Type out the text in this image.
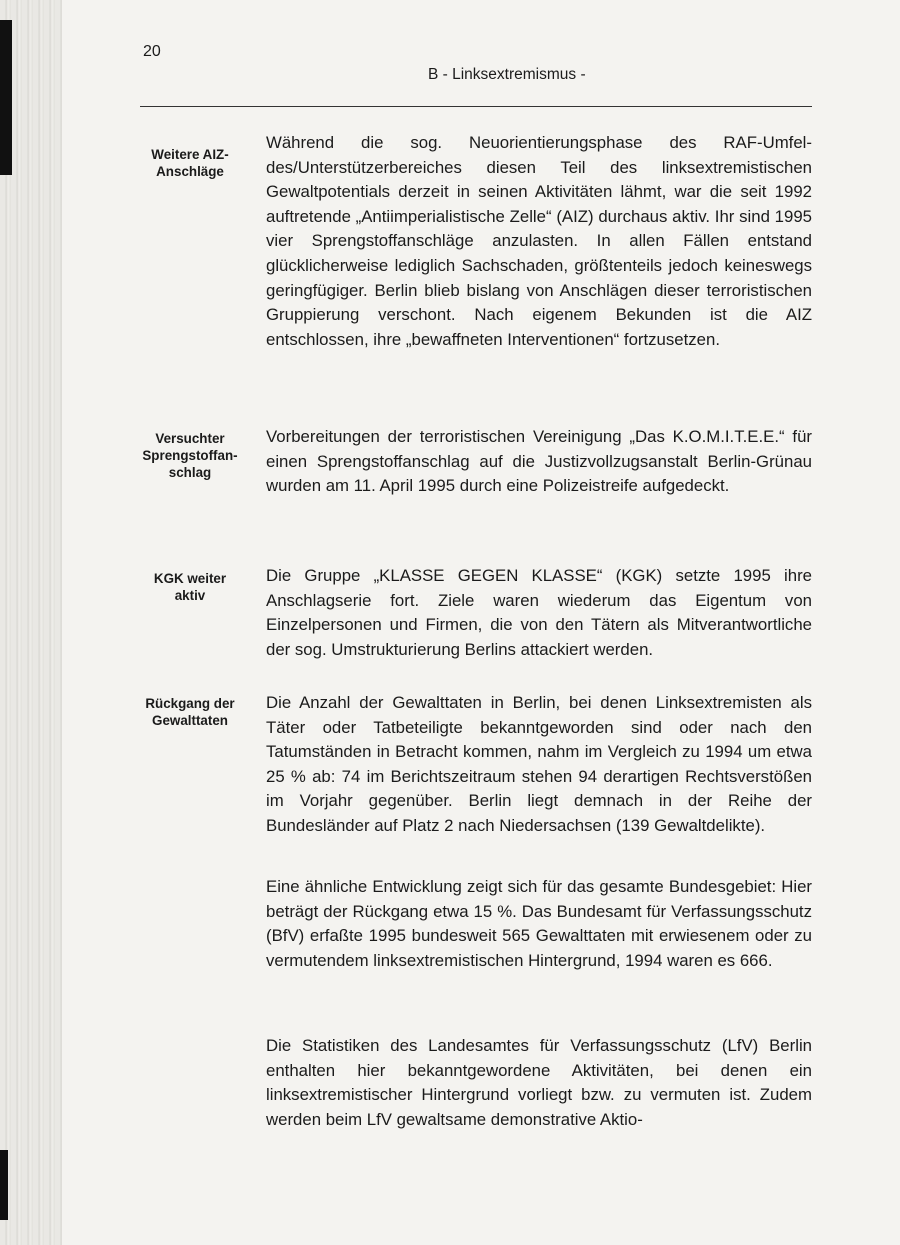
20
B - Linksextremismus -
Weitere AIZ-Anschläge
Während die sog. Neuorientierungsphase des RAF-Umfeldes/Unterstützerbereiches diesen Teil des linksextremistischen Gewaltpotentials derzeit in seinen Aktivitäten lähmt, war die seit 1992 auftretende „Antiimperialistische Zelle“ (AIZ) durchaus aktiv. Ihr sind 1995 vier Sprengstoffanschläge anzulasten. In allen Fällen entstand glücklicherweise lediglich Sachschaden, größtenteils jedoch keineswegs geringfügiger. Berlin blieb bislang von Anschlägen dieser terroristischen Gruppierung verschont. Nach eigenem Bekunden ist die AIZ entschlossen, ihre „bewaffneten Interventionen“ fortzusetzen.
Versuchter Sprengstoffanschlag
Vorbereitungen der terroristischen Vereinigung „Das K.O.M.I.T.E.E.“ für einen Sprengstoffanschlag auf die Justizvollzugsanstalt Berlin-Grünau wurden am 11. April 1995 durch eine Polizeistreife aufgedeckt.
KGK weiter aktiv
Die Gruppe „KLASSE GEGEN KLASSE“ (KGK) setzte 1995 ihre Anschlagserie fort. Ziele waren wiederum das Eigentum von Einzelpersonen und Firmen, die von den Tätern als Mitverantwortliche der sog. Umstrukturierung Berlins attackiert werden.
Rückgang der Gewalttaten
Die Anzahl der Gewalttaten in Berlin, bei denen Linksextremisten als Täter oder Tatbeteiligte bekanntgeworden sind oder nach den Tatumständen in Betracht kommen, nahm im Vergleich zu 1994 um etwa 25 % ab: 74 im Berichtszeitraum stehen 94 derartigen Rechtsverstößen im Vorjahr gegenüber. Berlin liegt demnach in der Reihe der Bundesländer auf Platz 2 nach Niedersachsen (139 Gewaltdelikte).
Eine ähnliche Entwicklung zeigt sich für das gesamte Bundesgebiet: Hier beträgt der Rückgang etwa 15 %. Das Bundesamt für Verfassungsschutz (BfV) erfaßte 1995 bundesweit 565 Gewalttaten mit erwiesenem oder zu vermutendem linksextremistischen Hintergrund, 1994 waren es 666.
Die Statistiken des Landesamtes für Verfassungsschutz (LfV) Berlin enthalten hier bekanntgewordene Aktivitäten, bei denen ein linksextremistischer Hintergrund vorliegt bzw. zu vermuten ist. Zudem werden beim LfV gewaltsame demonstrative Aktio-
